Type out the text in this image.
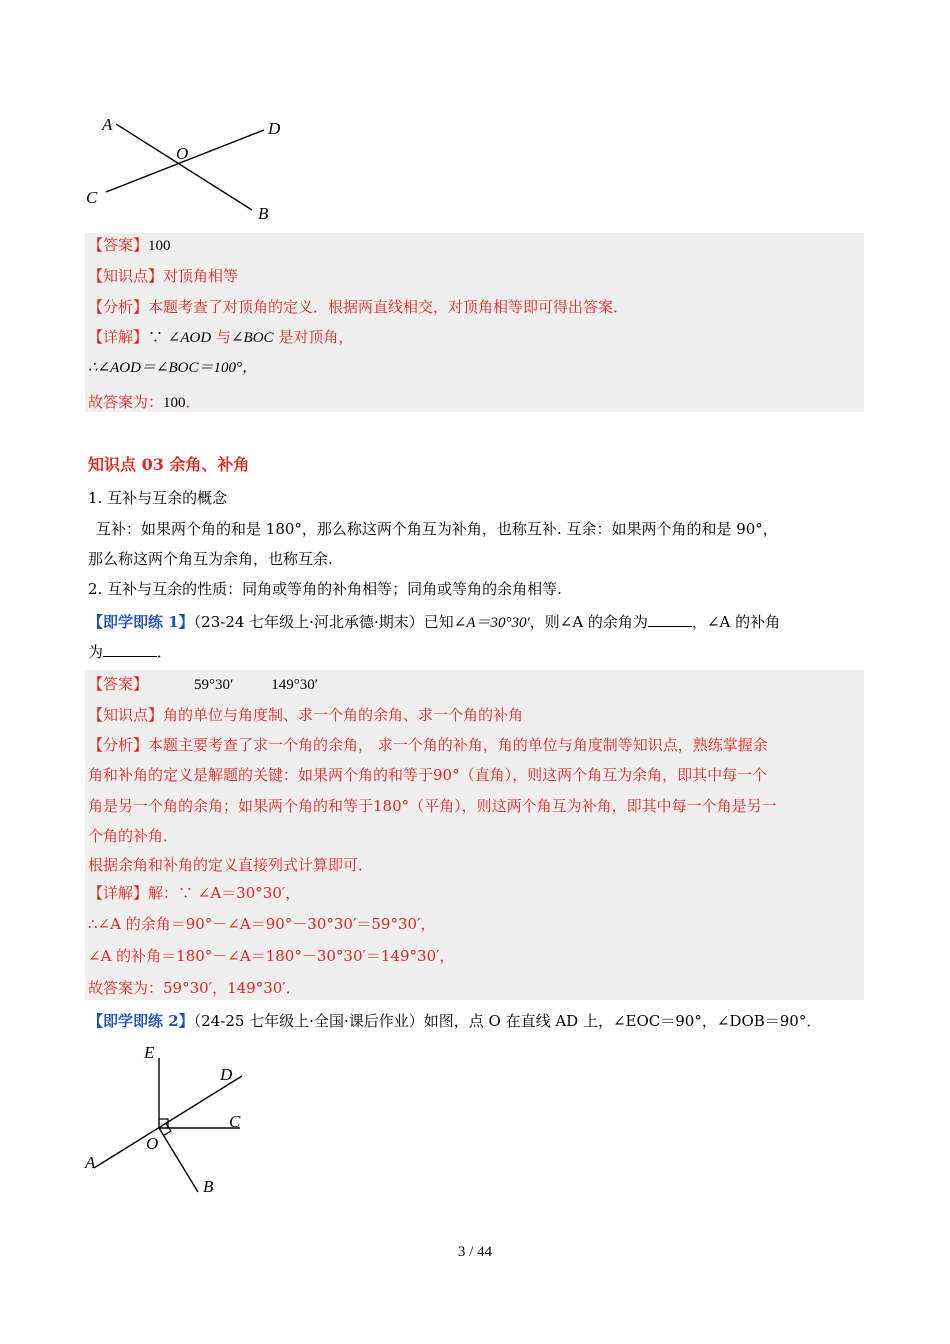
A	D
O
C
B
【答案】100
【知识点】对顶角相等
【分析】本题考查了对顶角的定义．根据两直线相交，对顶角相等即可得出答案．
【详解】∵ ∠AOD 与∠BOC 是对顶角，
∴∠AOD＝∠BOC＝100°，
故答案为：100．
知识点 03 余角、补角
1. 互补与互余的概念
互补：如果两个角的和是 180°，那么称这两个角互为补角，也称互补. 互余：如果两个角的和是 90°，
那么称这两个角互为余角，也称互余.
2. 互补与互余的性质：同角或等角的补角相等；同角或等角的余角相等.
【即学即练 1】（23-24 七年级上·河北承德·期末）已知∠A＝30°30′，则∠A 的余角为	，∠A 的补角
为	．
【答案】	59°30′	149°30′
【知识点】角的单位与角度制、求一个角的余角、求一个角的补角
【分析】本题主要考查了求一个角的余角， 求一个角的补角，角的单位与角度制等知识点，熟练掌握余
角和补角的定义是解题的关键：如果两个角的和等于90°（直角），则这两个角互为余角，即其中每一个
角是另一个角的余角；如果两个角的和等于180°（平角），则这两个角互为补角，即其中每一个角是另一
个角的补角．
根据余角和补角的定义直接列式计算即可．
【详解】解：∵ ∠A＝30°30′，
∴∠A 的余角＝90°－∠A＝90°－30°30′＝59°30′，
∠A 的补角＝180°－∠A＝180°－30°30′＝149°30′，
故答案为：59°30′，149°30′．
【即学即练 2】（24-25 七年级上·全国·课后作业）如图，点 O 在直线 AD 上，∠EOC＝90°，∠DOB＝90°．
E
D
C
O
A
B
3 / 44
